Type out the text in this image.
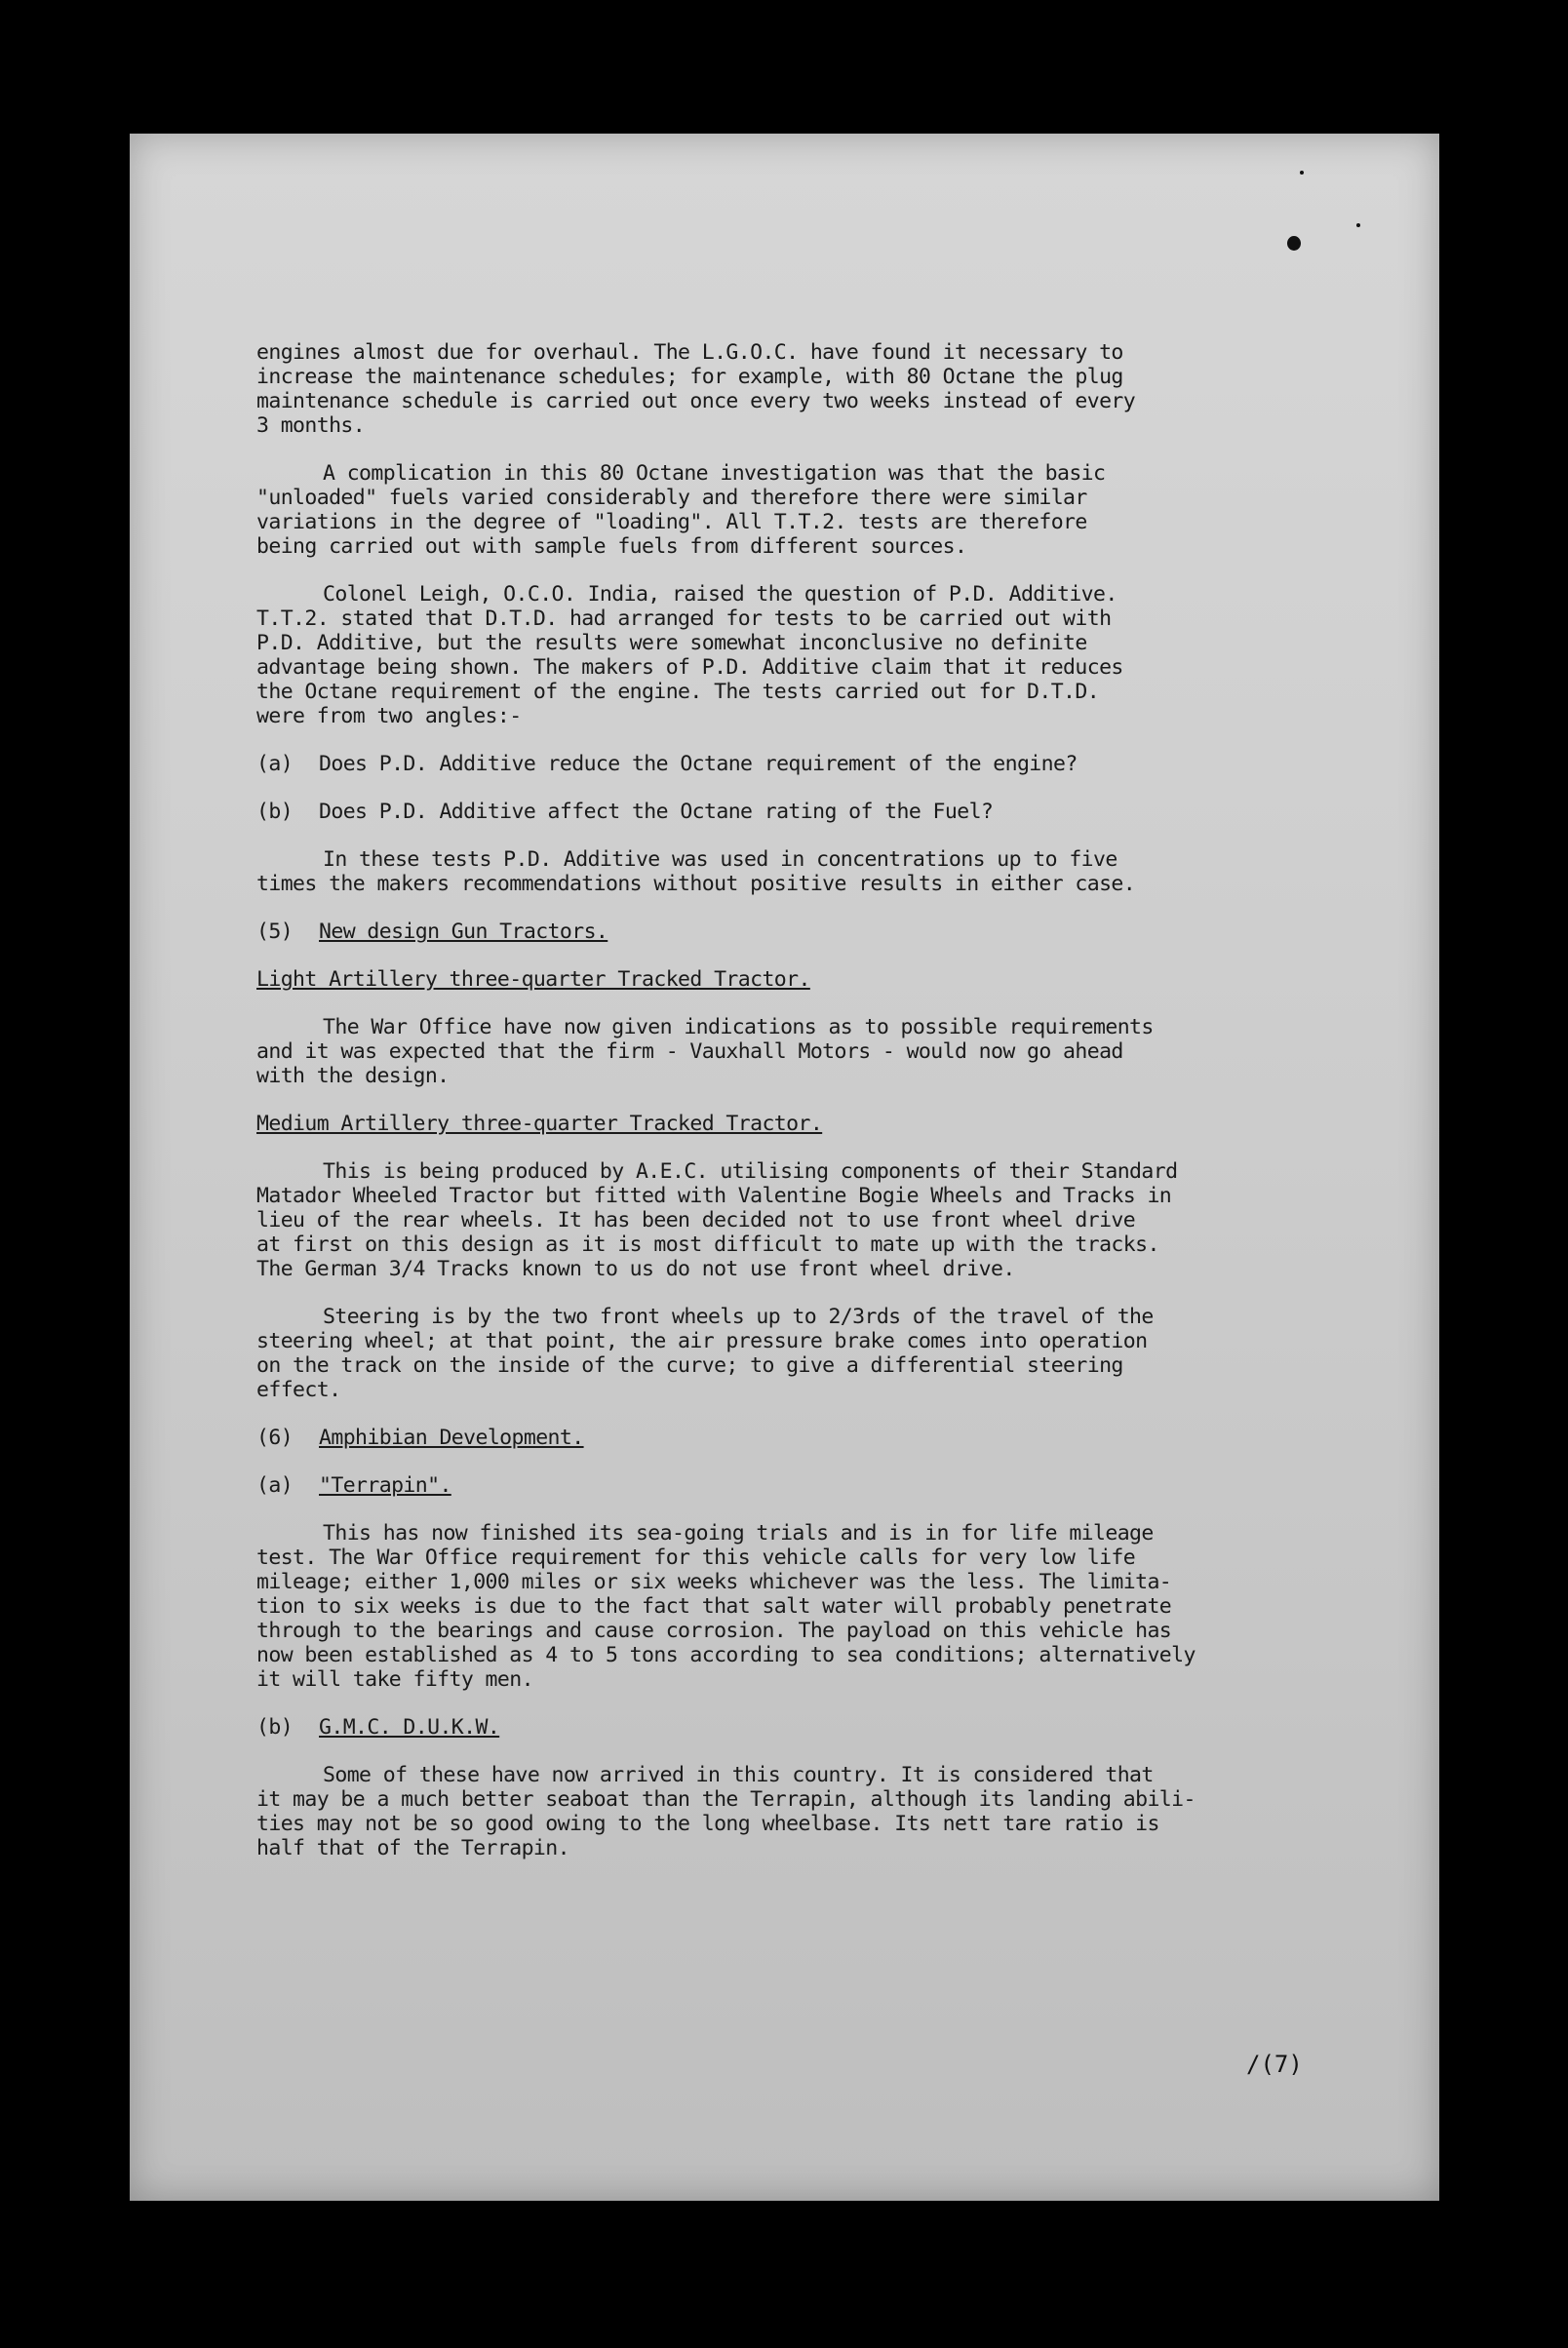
engines almost due for overhaul. The L.G.O.C. have found it necessary to
increase the maintenance schedules; for example, with 80 Octane the plug
maintenance schedule is carried out once every two weeks instead of every
3 months.

A complication in this 80 Octane investigation was that the basic
"unloaded" fuels varied considerably and therefore there were similar
variations in the degree of "loading". All T.T.2. tests are therefore
being carried out with sample fuels from different sources.

Colonel Leigh, O.C.O. India, raised the question of P.D. Additive.
T.T.2. stated that D.T.D. had arranged for tests to be carried out with
P.D. Additive, but the results were somewhat inconclusive no definite
advantage being shown. The makers of P.D. Additive claim that it reduces
the Octane requirement of the engine. The tests carried out for D.T.D.
were from two angles:-

(a)	Does P.D. Additive reduce the Octane requirement of the engine?
(b)	Does P.D. Additive affect the Octane rating of the Fuel?

In these tests P.D. Additive was used in concentrations up to five
times the makers recommendations without positive results in either case.

(5)	New design Gun Tractors.

Light Artillery three-quarter Tracked Tractor.

The War Office have now given indications as to possible requirements
and it was expected that the firm - Vauxhall Motors - would now go ahead
with the design.

Medium Artillery three-quarter Tracked Tractor.

This is being produced by A.E.C. utilising components of their Standard
Matador Wheeled Tractor but fitted with Valentine Bogie Wheels and Tracks in
lieu of the rear wheels. It has been decided not to use front wheel drive
at first on this design as it is most difficult to mate up with the tracks.
The German 3/4 Tracks known to us do not use front wheel drive.

Steering is by the two front wheels up to 2/3rds of the travel of the
steering wheel; at that point, the air pressure brake comes into operation
on the track on the inside of the curve; to give a differential steering
effect.

(6)	Amphibian Development.
(a)	"Terrapin".

This has now finished its sea-going trials and is in for life mileage
test. The War Office requirement for this vehicle calls for very low life
mileage; either 1,000 miles or six weeks whichever was the less. The limita-
tion to six weeks is due to the fact that salt water will probably penetrate
through to the bearings and cause corrosion. The payload on this vehicle has
now been established as 4 to 5 tons according to sea conditions; alternatively
it will take fifty men.

(b)	G.M.C. D.U.K.W.

Some of these have now arrived in this country. It is considered that
it may be a much better seaboat than the Terrapin, although its landing abili-
ties may not be so good owing to the long wheelbase. Its nett tare ratio is
half that of the Terrapin.

/(7)
